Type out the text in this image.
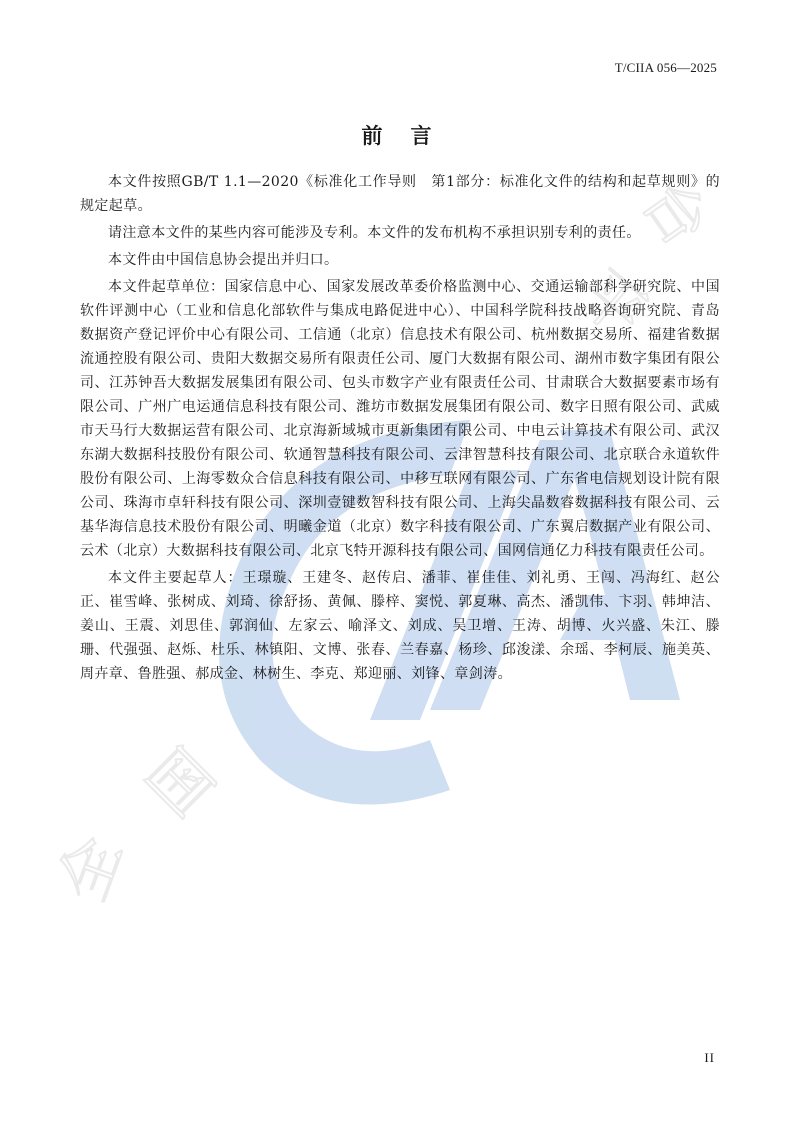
全
国
平
台
T/CIIA 056—2025
前言

本文件按照GB/T 1.1—2020《标准化工作导则　第1部分：标准化文件的结构和起草规则》的规定起草。

请注意本文件的某些内容可能涉及专利。本文件的发布机构不承担识别专利的责任。

本文件由中国信息协会提出并归口。

本文件起草单位：国家信息中心、国家发展改革委价格监测中心、交通运输部科学研究院、中国软件评测中心（工业和信息化部软件与集成电路促进中心）、中国科学院科技战略咨询研究院、青岛数据资产登记评价中心有限公司、工信通（北京）信息技术有限公司、杭州数据交易所、福建省数据流通控股有限公司、贵阳大数据交易所有限责任公司、厦门大数据有限公司、湖州市数字集团有限公司、江苏钟吾大数据发展集团有限公司、包头市数字产业有限责任公司、甘肃联合大数据要素市场有限公司、广州广电运通信息科技有限公司、潍坊市数据发展集团有限公司、数字日照有限公司、武威市天马行大数据运营有限公司、北京海新域城市更新集团有限公司、中电云计算技术有限公司、武汉东湖大数据科技股份有限公司、软通智慧科技有限公司、云津智慧科技有限公司、北京联合永道软件股份有限公司、上海零数众合信息科技有限公司、中移互联网有限公司、广东省电信规划设计院有限公司、珠海市卓轩科技有限公司、深圳壹键数智科技有限公司、上海尖晶数睿数据科技有限公司、云基华海信息技术股份有限公司、明曦金道（北京）数字科技有限公司、广东翼启数据产业有限公司、云术（北京）大数据科技有限公司、北京飞特开源科技有限公司、国网信通亿力科技有限责任公司。

本文件主要起草人：王璟璇、王建冬、赵传启、潘菲、崔佳佳、刘礼勇、王闯、冯海红、赵公正、崔雪峰、张树成、刘琦、徐舒扬、黄佩、滕梓、窦悦、郭夏琳、高杰、潘凯伟、卞羽、韩坤洁、姜山、王震、刘思佳、郭润仙、左家云、喻泽文、刘成、吴卫增、王涛、胡博、火兴盛、朱江、滕珊、代强强、赵烁、杜乐、林镇阳、文博、张春、兰春嘉、杨珍、邱浚漾、余瑶、李柯辰、施美英、周卉章、鲁胜强、郝成金、林树生、李克、郑迎丽、刘锋、章剑涛。

II
